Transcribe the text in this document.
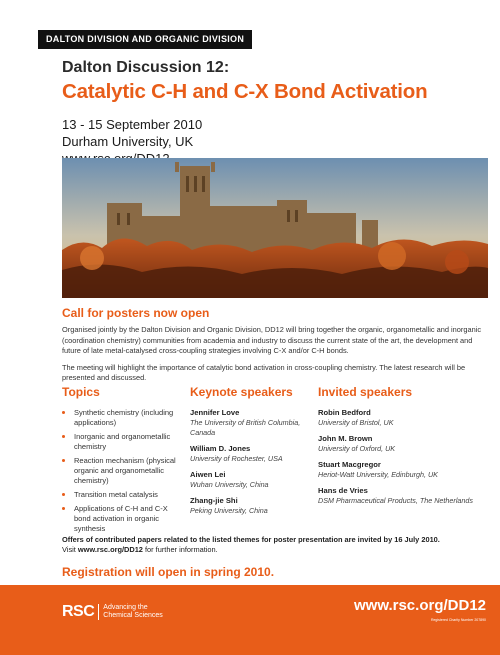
DALTON DIVISION AND ORGANIC DIVISION
Dalton Discussion 12:
Catalytic C-H and C-X Bond Activation
13 - 15 September 2010
Durham University, UK
Call for posters now open

Organised jointly by the Dalton Division and Organic Division, DD12 will bring together the organic, organometallic and inorganic (coordination chemistry) communities from academia and industry to discuss the current state of the art, the development and future of late metal-catalysed cross-coupling strategies involving C-X and/or C-H bonds.

The meeting will highlight the importance of catalytic bond activation in cross-coupling chemistry. The latest research will be presented and discussed.

Topics
Synthetic chemistry (including applications)
Inorganic and organometallic chemistry
Reaction mechanism (physical organic and organometallic chemistry)
Transition metal catalysis
Applications of C-H and C-X bond activation in organic synthesis
Keynote speakers
Jennifer Love
The University of British Columbia, Canada
William D. Jones
University of Rochester, USA
Aiwen Lei
Wuhan University, China
Zhang-jie Shi
Peking University, China
Invited speakers
Robin Bedford
University of Bristol, UK
John M. Brown
University of Oxford, UK
Stuart Macgregor
Heriot-Watt University, Edinburgh, UK
Hans de Vries
DSM Pharmaceutical Products, The Netherlands
Offers of contributed papers related to the listed themes for poster presentation are invited by 16 July 2010.
Visit www.rsc.org/DD12 for further information.
Registration will open in spring 2010.
RSC Advancing the Chemical Sciences
www.rsc.org/DD12
Registered Charity Number 207890
